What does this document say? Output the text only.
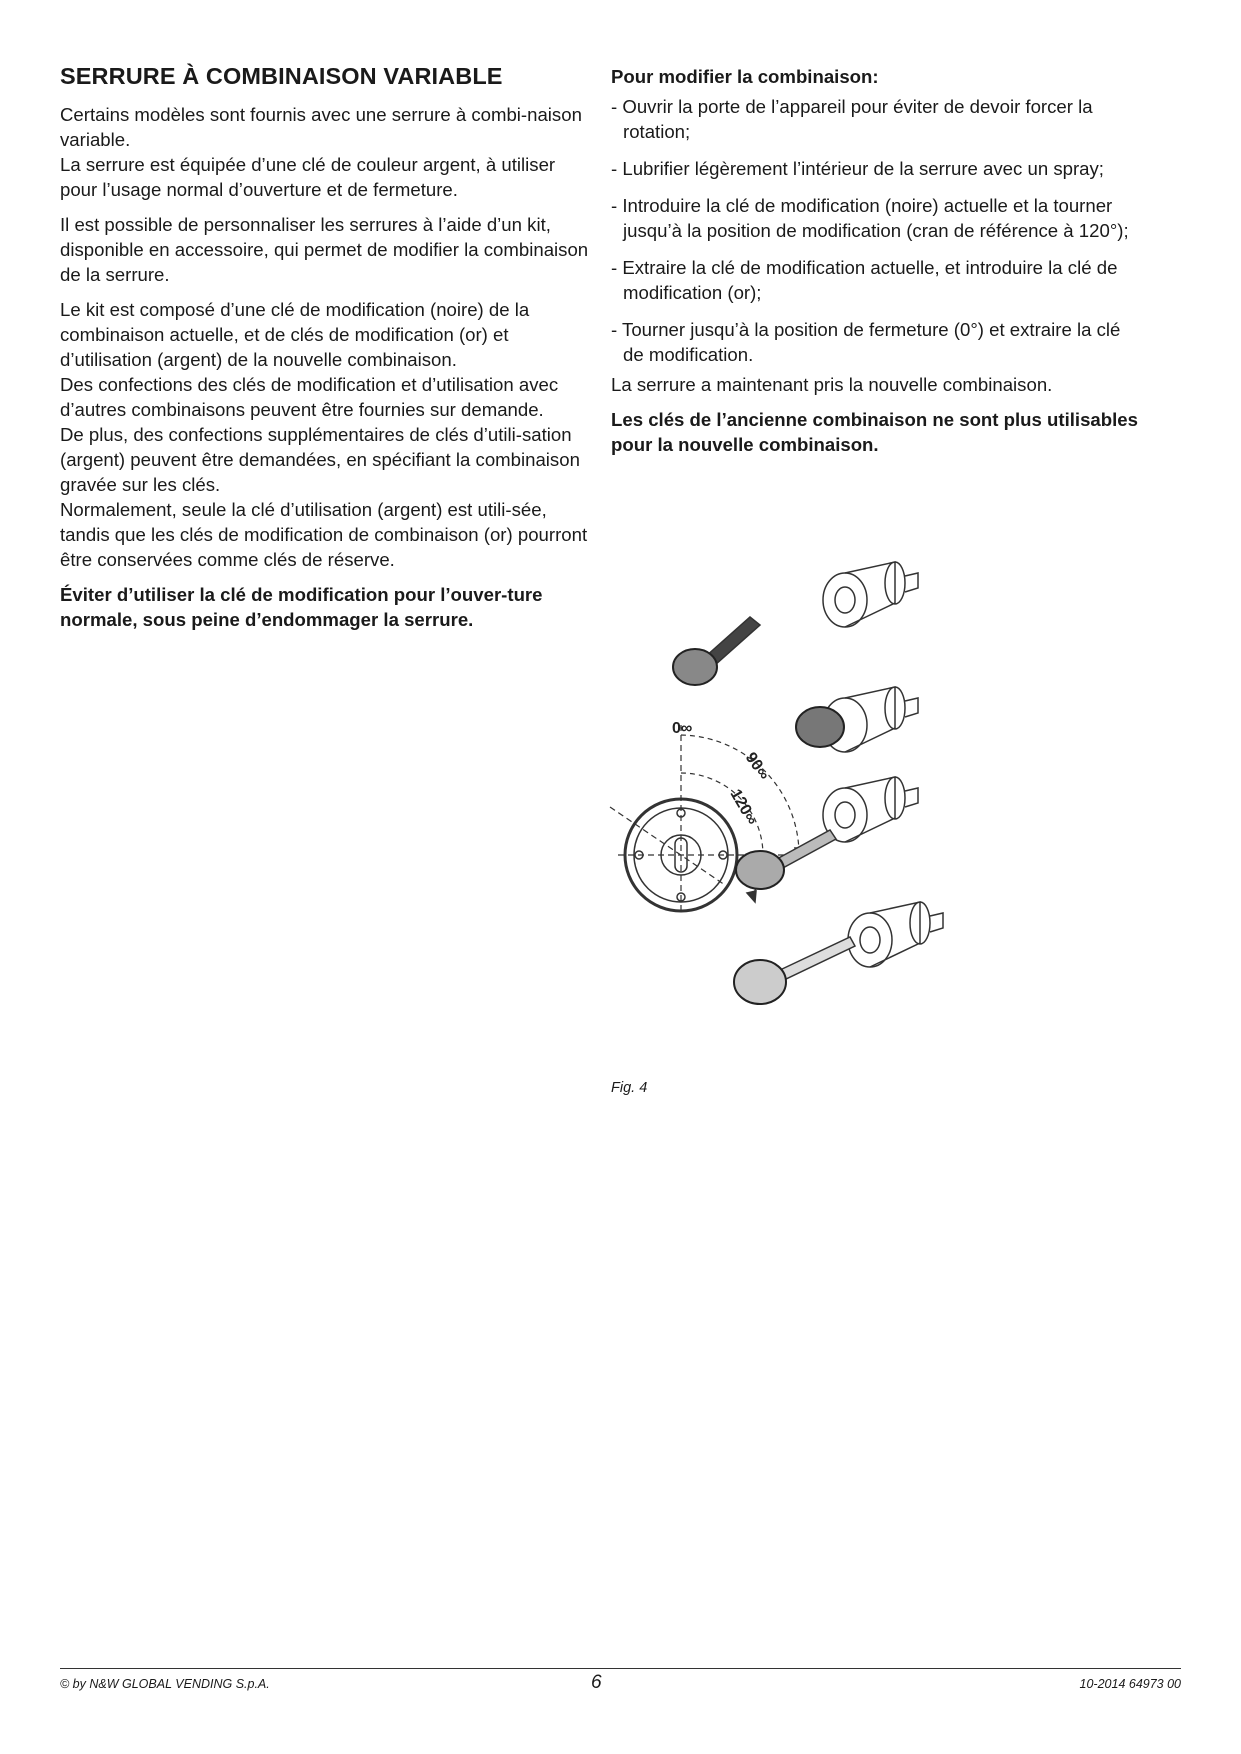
SERRURE À COMBINAISON VARIABLE

Certains modèles sont fournis avec une serrure à combi-naison variable.

La serrure est équipée d’une clé de couleur argent, à utiliser pour l’usage normal d’ouverture et de fermeture.

Il est possible de personnaliser les serrures à l’aide d’un kit, disponible en accessoire, qui permet de modifier la combinaison de la serrure.

Le kit est composé d’une clé de modification (noire) de la combinaison actuelle, et de clés de modification (or) et d’utilisation (argent) de la nouvelle combinaison.

Des confections des clés de modification et d’utilisation avec d’autres combinaisons peuvent être fournies sur demande.

De plus, des confections supplémentaires de clés d’utili-sation (argent) peuvent être demandées, en spécifiant la combinaison gravée sur les clés.

Normalement, seule la clé d’utilisation (argent) est utili-sée, tandis que les clés de modification de combinaison (or) pourront être conservées comme clés de réserve.

Éviter d’utiliser la clé de modification pour l’ouver-ture normale, sous peine d’endommager la serrure.

Pour modifier la combinaison:
- Ouvrir la porte de l’appareil pour éviter de devoir forcer la rotation;
- Lubrifier légèrement l’intérieur de la serrure avec un spray;
- Introduire la clé de modification (noire) actuelle et la tourner jusqu’à la position de modification (cran de référence à 120°);
- Extraire la clé de modification actuelle, et introduire la clé de modification (or);
- Tourner jusqu’à la position de fermeture (0°) et extraire la clé de modification.

La serrure a maintenant pris la nouvelle combinaison.

Les clés de l’ancienne combinaison ne sont plus utilisables pour la nouvelle combinaison.

0∞
90∞
120∞
Fig. 4
© by N&W GLOBAL VENDING S.p.A.	6	10-2014 64973 00
